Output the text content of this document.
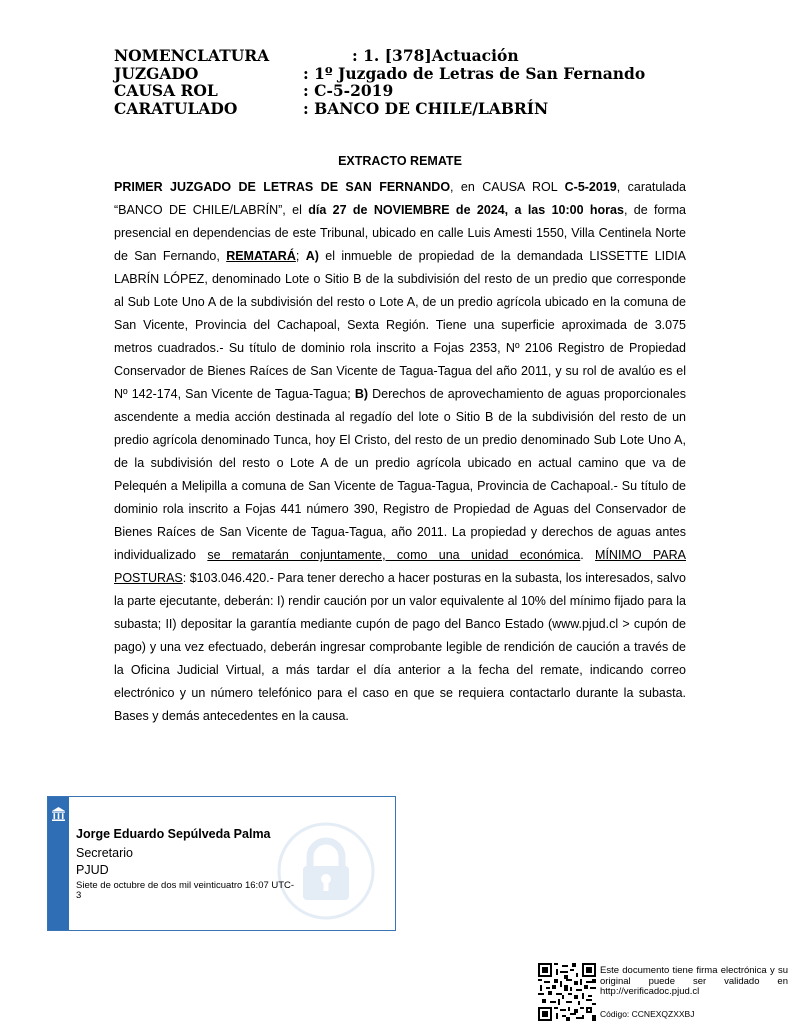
NOMENCLATURA	: 1. [378]Actuación
JUZGADO	: 1º Juzgado de Letras de San Fernando
CAUSA ROL	: C-5-2019
CARATULADO	: BANCO DE CHILE/LABRÍN
EXTRACTO REMATE
PRIMER JUZGADO DE LETRAS DE SAN FERNANDO, en CAUSA ROL C-5-2019, caratulada “BANCO DE CHILE/LABRÍN”, el día 27 de NOVIEMBRE de 2024, a las 10:00 horas, de forma presencial en dependencias de este Tribunal, ubicado en calle Luis Amesti 1550, Villa Centinela Norte de San Fernando, REMATARÁ; A) el inmueble de propiedad de la demandada LISSETTE LIDIA LABRÍN LÓPEZ, denominado Lote o Sitio B de la subdivisión del resto de un predio que corresponde al Sub Lote Uno A de la subdivisión del resto o Lote A, de un predio agrícola ubicado en la comuna de San Vicente, Provincia del Cachapoal, Sexta Región. Tiene una superficie aproximada de 3.075 metros cuadrados.- Su título de dominio rola inscrito a Fojas 2353, Nº 2106 Registro de Propiedad Conservador de Bienes Raíces de San Vicente de Tagua-Tagua del año 2011, y su rol de avalúo es el Nº 142-174, San Vicente de Tagua-Tagua; B) Derechos de aprovechamiento de aguas proporcionales ascendente a media acción destinada al regadío del lote o Sitio B de la subdivisión del resto de un predio agrícola denominado Tunca, hoy El Cristo, del resto de un predio denominado Sub Lote Uno A, de la subdivisión del resto o Lote A de un predio agrícola ubicado en actual camino que va de Pelequén a Melipilla a comuna de San Vicente de Tagua-Tagua, Provincia de Cachapoal.- Su título de dominio rola inscrito a Fojas 441 número 390, Registro de Propiedad de Aguas del Conservador de Bienes Raíces de San Vicente de Tagua-Tagua, año 2011. La propiedad y derechos de aguas antes individualizado se rematarán conjuntamente, como una unidad económica. MÍNIMO PARA POSTURAS: $103.046.420.- Para tener derecho a hacer posturas en la subasta, los interesados, salvo la parte ejecutante, deberán: I) rendir caución por un valor equivalente al 10% del mínimo fijado para la subasta; II) depositar la garantía mediante cupón de pago del Banco Estado (www.pjud.cl > cupón de pago) y una vez efectuado, deberán ingresar comprobante legible de rendición de caución a través de la Oficina Judicial Virtual, a más tardar el día anterior a la fecha del remate, indicando correo electrónico y un número telefónico para el caso en que se requiera contactarlo durante la subasta. Bases y demás antecedentes en la causa.
Jorge Eduardo Sepúlveda Palma
Secretario
PJUD
Siete de octubre de dos mil veinticuatro 16:07 UTC-3
Este documento tiene firma electrónica y su original puede ser validado en http://verificadoc.pjud.cl
Código: CCNEXQZXXBJ
